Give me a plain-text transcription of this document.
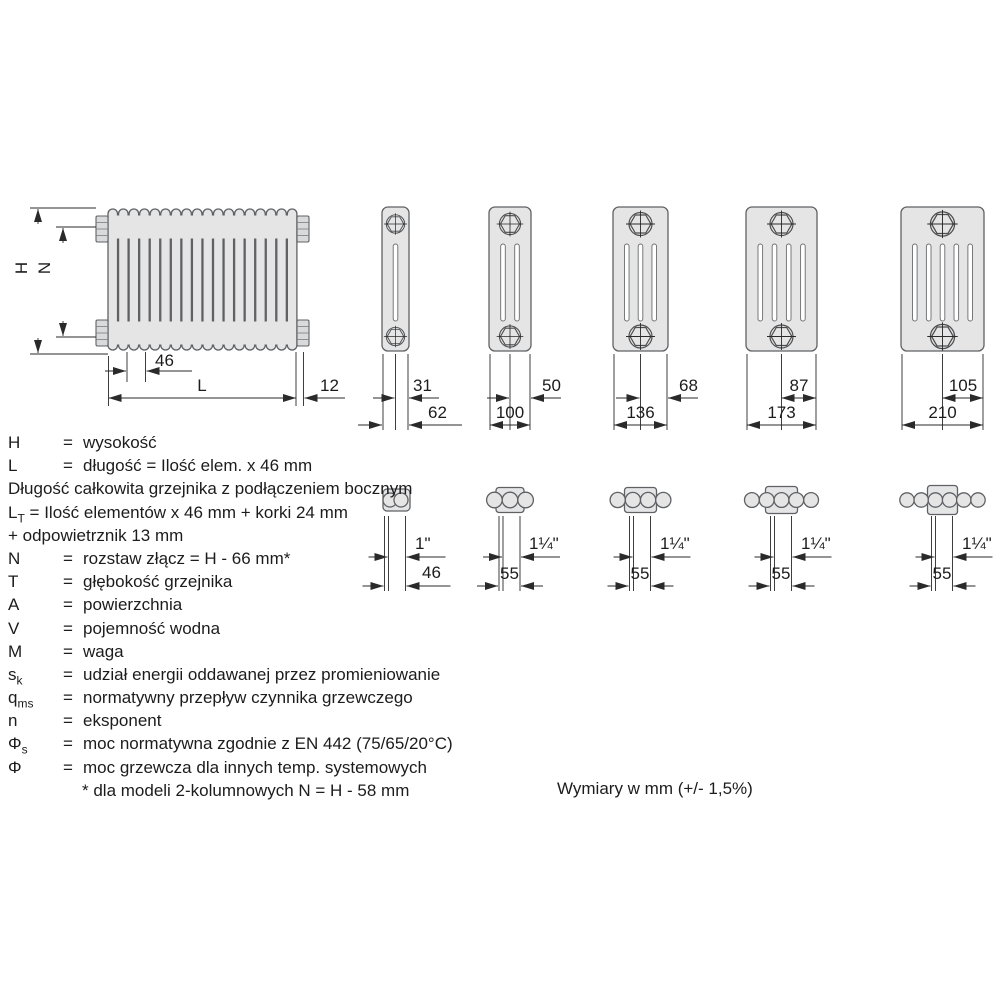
H N
46
L	12	31
62
50
100
68
136
87
173
105
210
1"
46
1¼"
55
1¼"
55
1¼"
55
1¼"
55
H	= wysokość
L	= długość = Ilość elem. x 46 mm
Długość całkowita grzejnika z podłączeniem bocznym
$L_T$ = Ilość elementów x 46 mm + korki 24 mm
+ odpowietrznik 13 mm
N	= rozstaw złącz = H - 66 mm*
T	= głębokość grzejnika
A	= powierzchnia
V	= pojemność wodna
M	= waga
$s_k$	= udział energii oddawanej przez promieniowanie
$q_{ms}$	= normatywny przepływ czynnika grzewczego
n	= eksponent
$\Phi_s$	= moc normatywna zgodnie z EN 442 (75/65/20°C)
Φ	= moc grzewcza dla innych temp. systemowych
* dla modeli 2-kolumnowych N = H - 58 mm	Wymiary w mm (+/- 1,5%)
